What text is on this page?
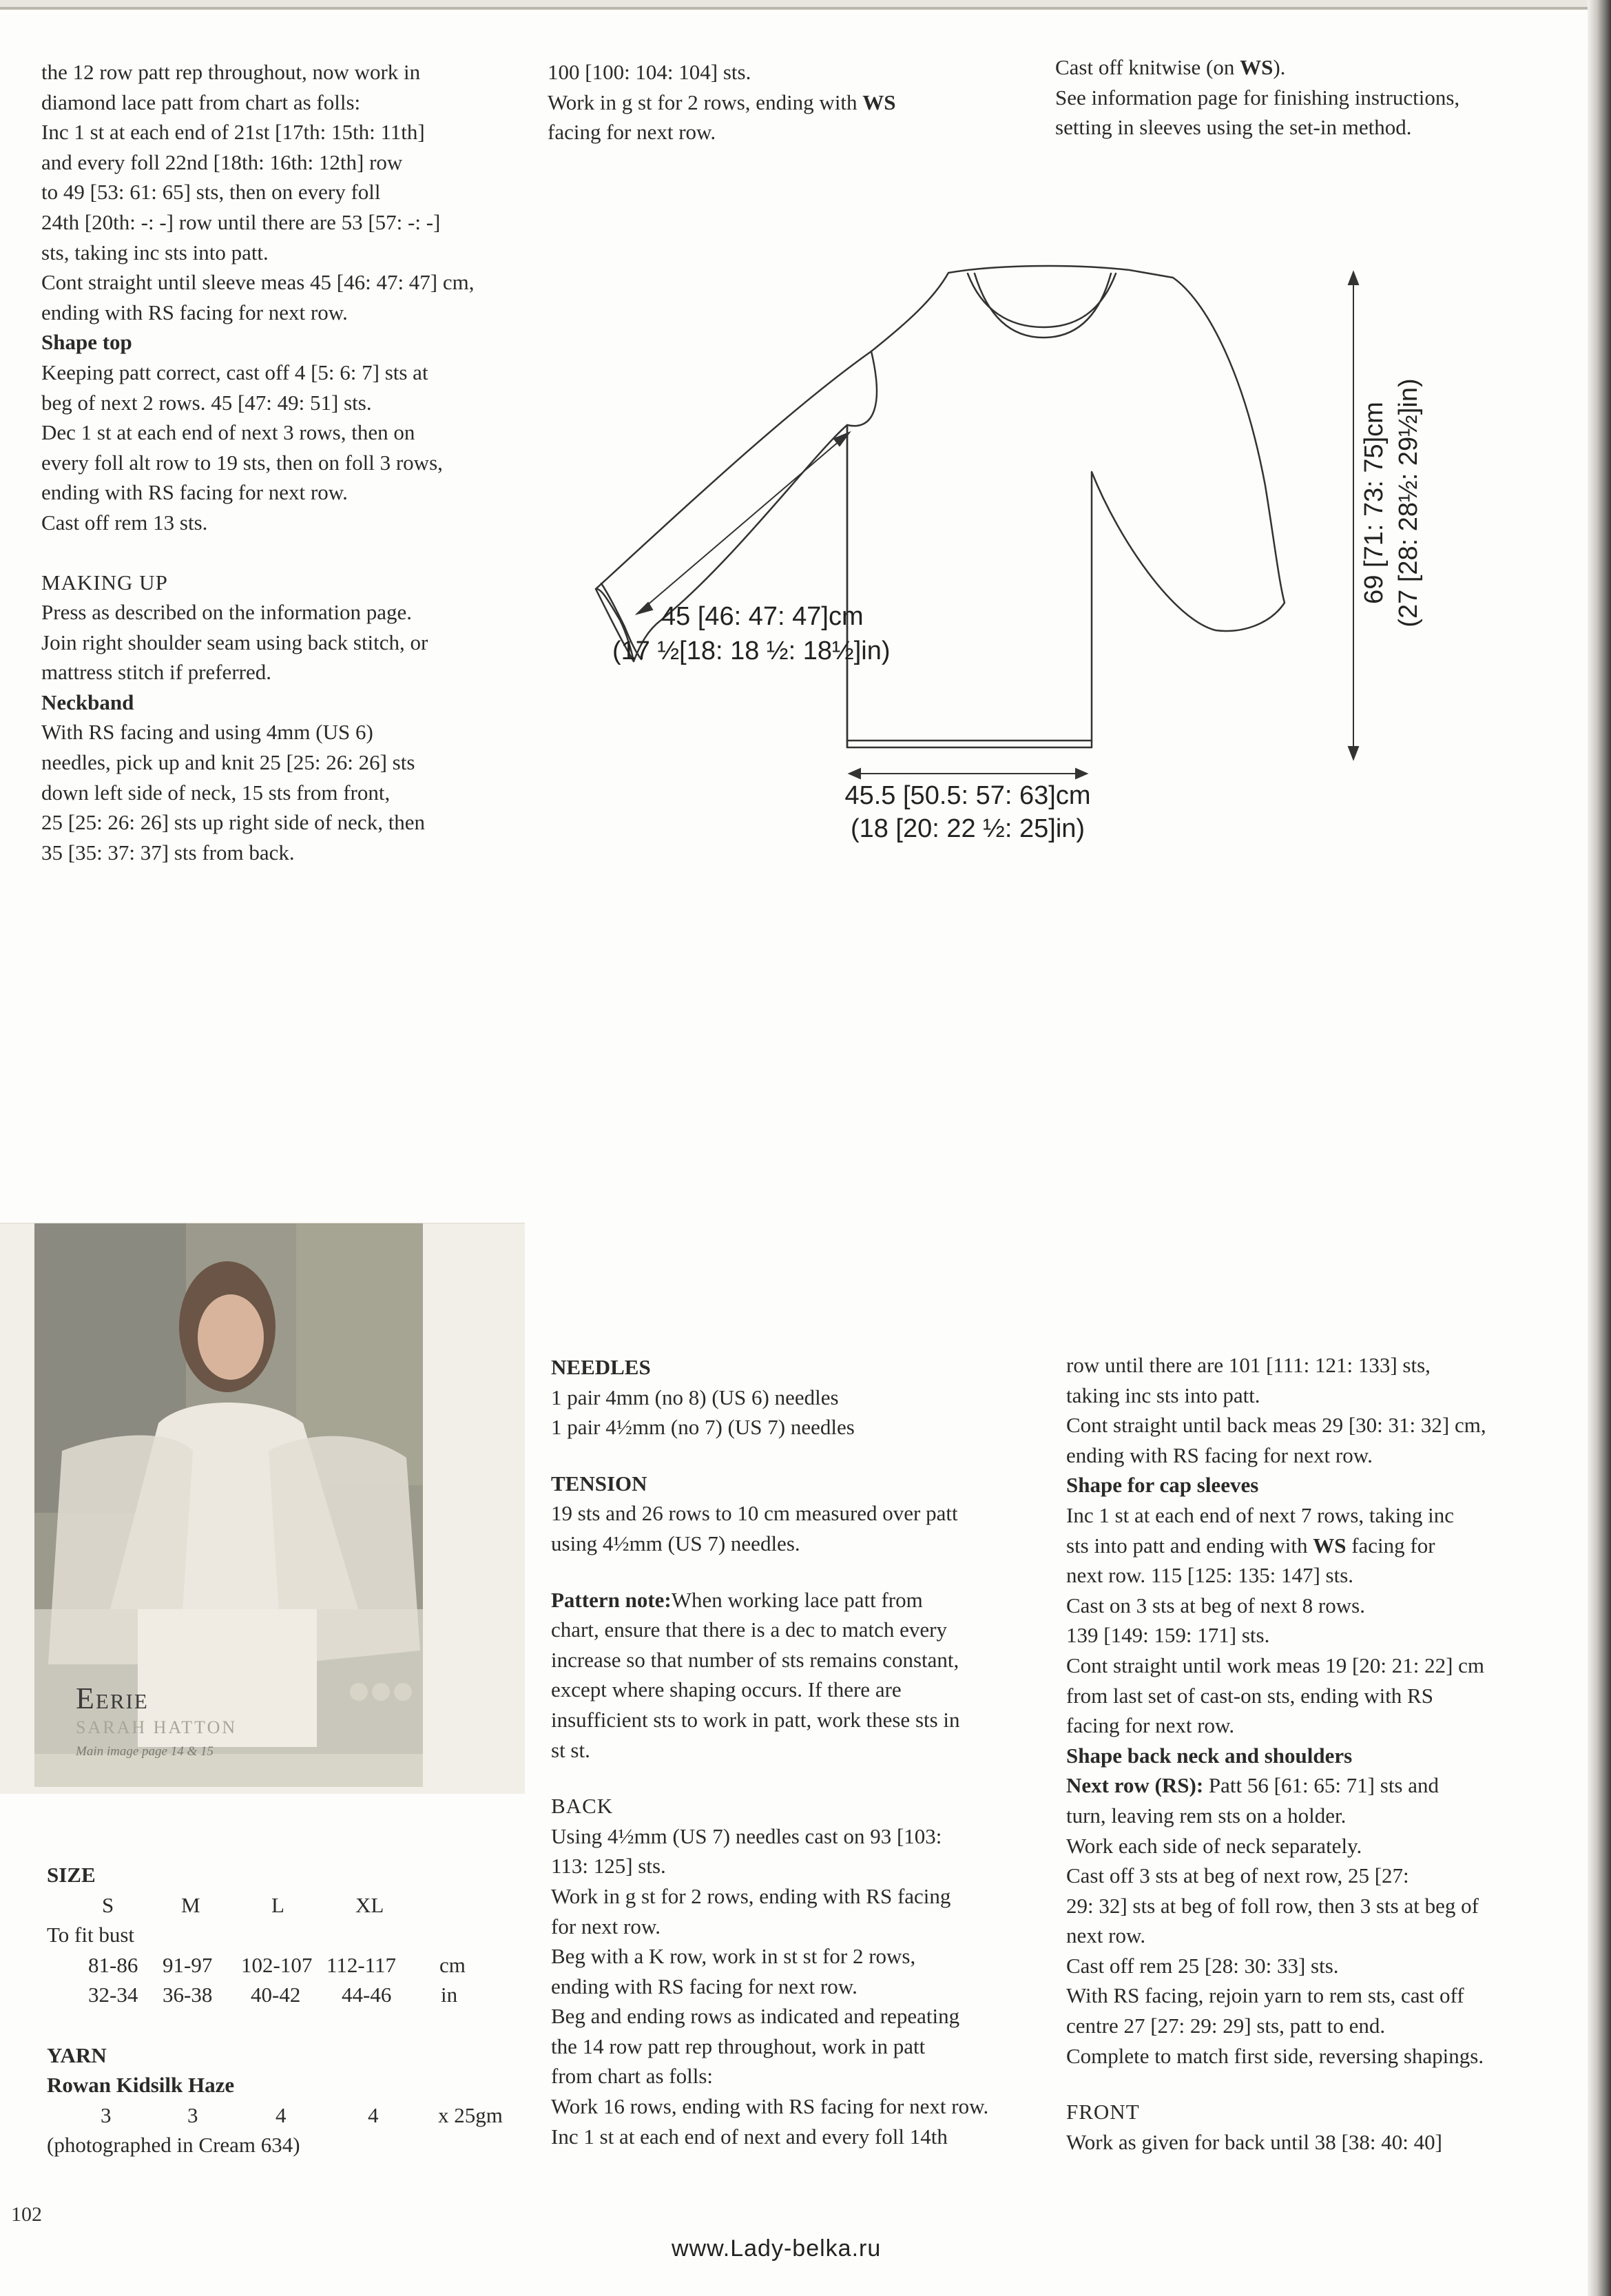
the 12 row patt rep throughout, now work in

diamond lace patt from chart as folls:

Inc 1 st at each end of 21st [17th: 15th: 11th]

and every foll 22nd [18th: 16th: 12th] row

to 49 [53: 61: 65] sts, then on every foll

24th [20th: -: -] row until there are 53 [57: -: -]

sts, taking inc sts into patt.

Cont straight until sleeve meas 45 [46: 47: 47] cm,

ending with RS facing for next row.

Shape top

Keeping patt correct, cast off 4 [5: 6: 7] sts at

beg of next 2 rows. 45 [47: 49: 51] sts.

Dec 1 st at each end of next 3 rows, then on

every foll alt row to 19 sts, then on foll 3 rows,

ending with RS facing for next row.

Cast off rem 13 sts.

MAKING UP

Press as described on the information page.

Join right shoulder seam using back stitch, or

mattress stitch if preferred.

Neckband

With RS facing and using 4mm (US 6)

needles, pick up and knit 25 [25: 26: 26] sts

down left side of neck, 15 sts from front,

25 [25: 26: 26] sts up right side of neck, then

35 [35: 37: 37] sts from back.

100 [100: 104: 104] sts.

Work in g st for 2 rows, ending with WS

facing for next row.

Cast off knitwise (on WS).

See information page for finishing instructions,

setting in sleeves using the set-in method.

45 [46: 47: 47]cm
(17 ½[18: 18 ½: 18½]in)
45.5 [50.5: 57: 63]cm
(18 [20: 22 ½: 25]in)
69 [71: 73: 75]cm (27 [28: 28½: 29½]in)
Eerie
SARAH HATTON
Main image page 14 & 15
SIZE
S	M	L	XL
To fit bust
81-86 91-97 102-107 112-117 cm
32-34 36-38 40-42 44-46 in
YARN
Rowan Kidsilk Haze
3	3	4	4	x 25gm
(photographed in Cream 634)

NEEDLES

1 pair 4mm (no 8) (US 6) needles

1 pair 4½mm (no 7) (US 7) needles

TENSION

19 sts and 26 rows to 10 cm measured over patt

using 4½mm (US 7) needles.

Pattern note:When working lace patt from

chart, ensure that there is a dec to match every

increase so that number of sts remains constant,

except where shaping occurs. If there are

insufficient sts to work in patt, work these sts in

st st.

BACK

Using 4½mm (US 7) needles cast on 93 [103:

113: 125] sts.

Work in g st for 2 rows, ending with RS facing

for next row.

Beg with a K row, work in st st for 2 rows,

ending with RS facing for next row.

Beg and ending rows as indicated and repeating

the 14 row patt rep throughout, work in patt

from chart as folls:

Work 16 rows, ending with RS facing for next row.

Inc 1 st at each end of next and every foll 14th

row until there are 101 [111: 121: 133] sts,

taking inc sts into patt.

Cont straight until back meas 29 [30: 31: 32] cm,

ending with RS facing for next row.

Shape for cap sleeves

Inc 1 st at each end of next 7 rows, taking inc

sts into patt and ending with WS facing for

next row. 115 [125: 135: 147] sts.

Cast on 3 sts at beg of next 8 rows.

139 [149: 159: 171] sts.

Cont straight until work meas 19 [20: 21: 22] cm

from last set of cast-on sts, ending with RS

facing for next row.

Shape back neck and shoulders

Next row (RS): Patt 56 [61: 65: 71] sts and

turn, leaving rem sts on a holder.

Work each side of neck separately.

Cast off 3 sts at beg of next row, 25 [27:

29: 32] sts at beg of foll row, then 3 sts at beg of

next row.

Cast off rem 25 [28: 30: 33] sts.

With RS facing, rejoin yarn to rem sts, cast off

centre 27 [27: 29: 29] sts, patt to end.

Complete to match first side, reversing shapings.

FRONT

Work as given for back until 38 [38: 40: 40]

102
www.Lady-belka.ru
